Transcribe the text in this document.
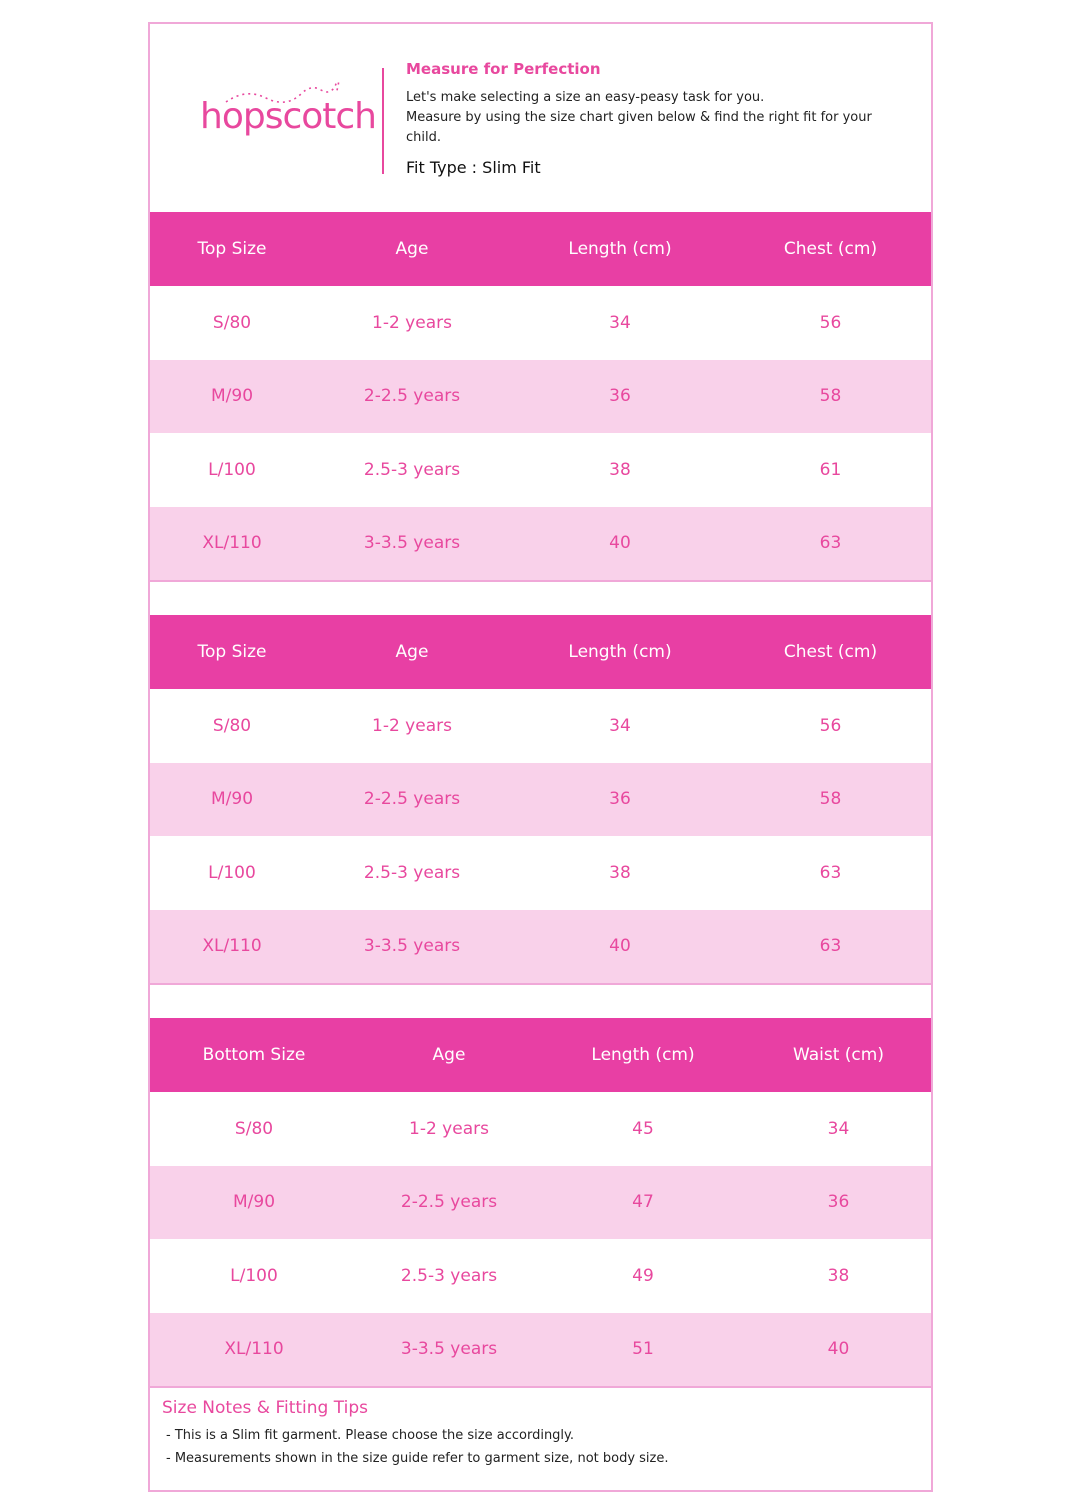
hopscotch

Measure for Perfection

Let's make selecting a size an easy-peasy task for you.

Measure by using the size chart given below & find the right fit for your child.

Fit Type : Slim Fit
Top Size	Age	Length (cm)	Chest (cm)
S/80	1-2 years	34	56
M/90	2-2.5 years	36	58
L/100	2.5-3 years	38	61
XL/110	3-3.5 years	40	63
Top Size	Age	Length (cm)	Chest (cm)
S/80	1-2 years	34	56
M/90	2-2.5 years	36	58
L/100	2.5-3 years	38	63
XL/110	3-3.5 years	40	63
Bottom Size	Age	Length (cm)	Waist (cm)
S/80	1-2 years	45	34
M/90	2-2.5 years	47	36
L/100	2.5-3 years	49	38
XL/110	3-3.5 years	51	40

Size Notes & Fitting Tips

- This is a Slim fit garment. Please choose the size accordingly.

- Measurements shown in the size guide refer to garment size, not body size.
